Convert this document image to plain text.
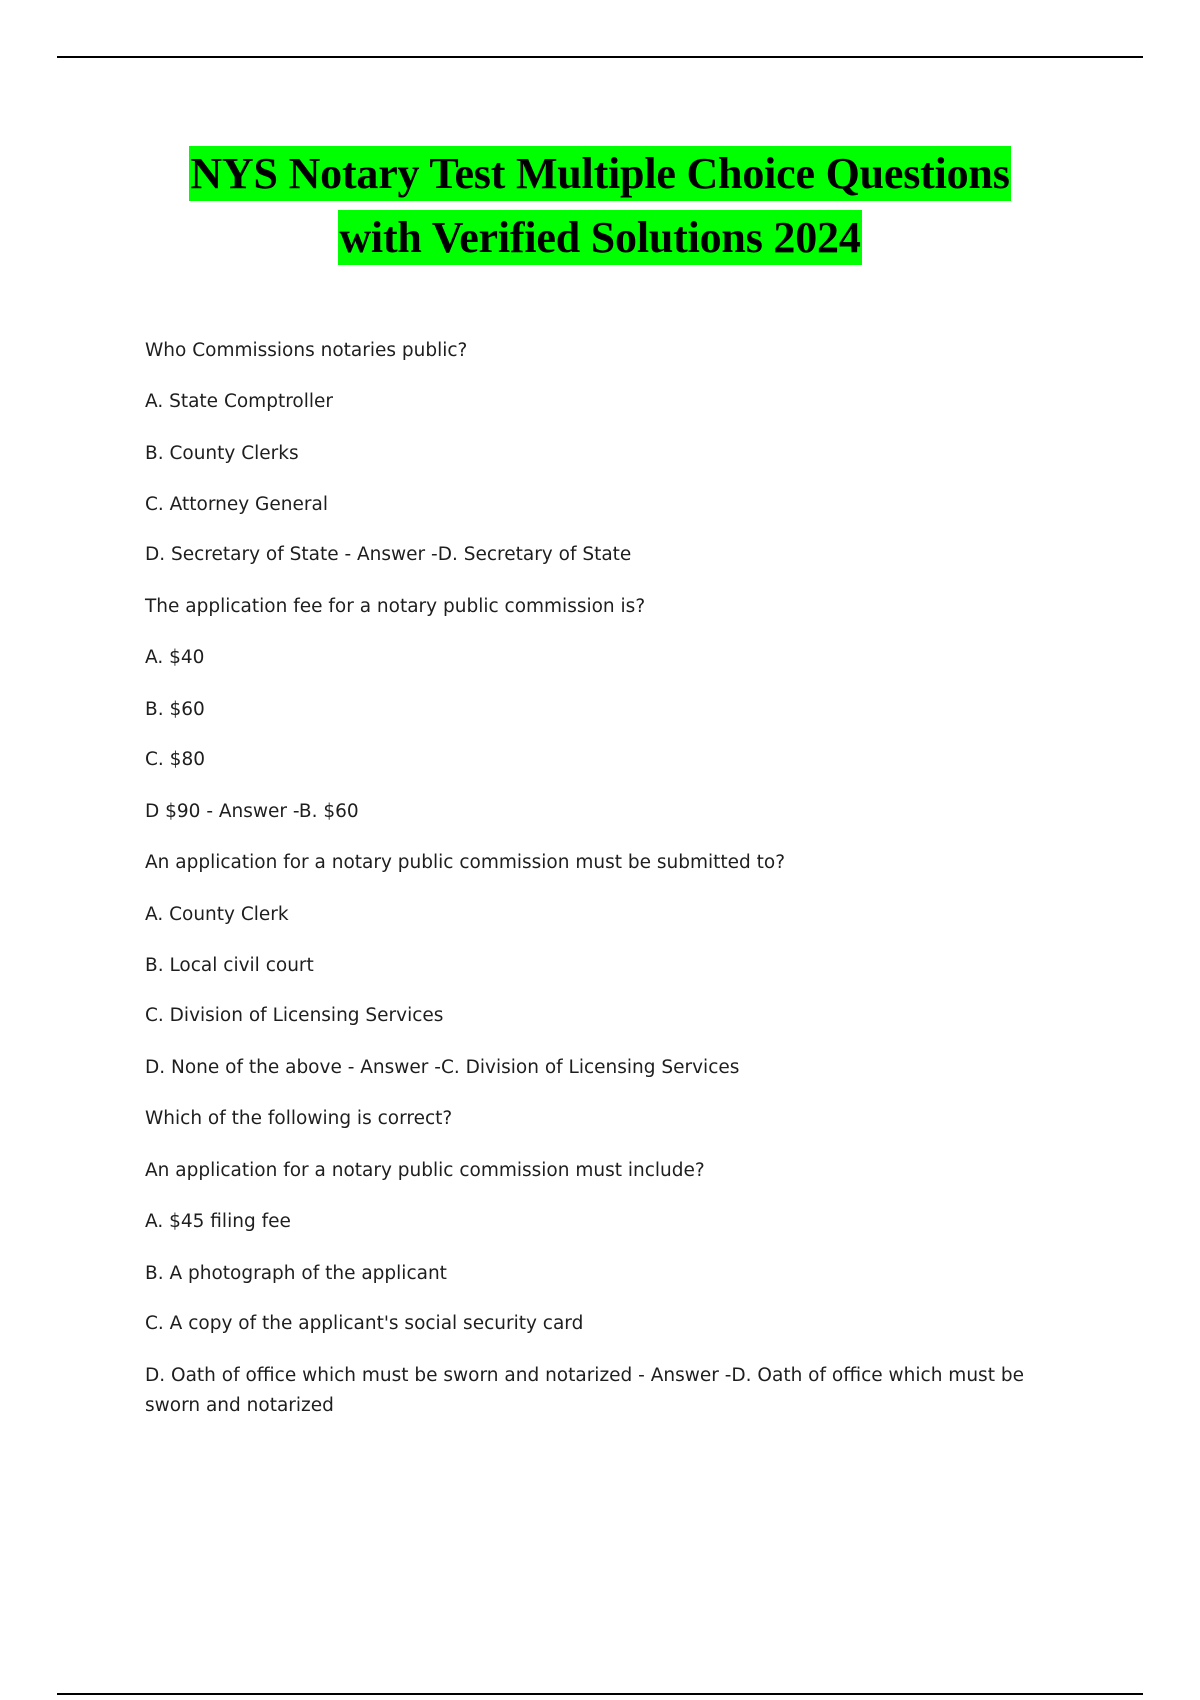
NYS Notary Test Multiple Choice Questions
with Verified Solutions 2024
Who Commissions notaries public?
A. State Comptroller
B. County Clerks
C. Attorney General
D. Secretary of State - Answer -D. Secretary of State
The application fee for a notary public commission is?
A. $40
B. $60
C. $80
D $90 - Answer -B. $60
An application for a notary public commission must be submitted to?
A. County Clerk
B. Local civil court
C. Division of Licensing Services
D. None of the above - Answer -C. Division of Licensing Services
Which of the following is correct?
An application for a notary public commission must include?
A. $45 filing fee
B. A photograph of the applicant
C. A copy of the applicant's social security card
D. Oath of office which must be sworn and notarized - Answer -D. Oath of office which must be sworn and notarized
